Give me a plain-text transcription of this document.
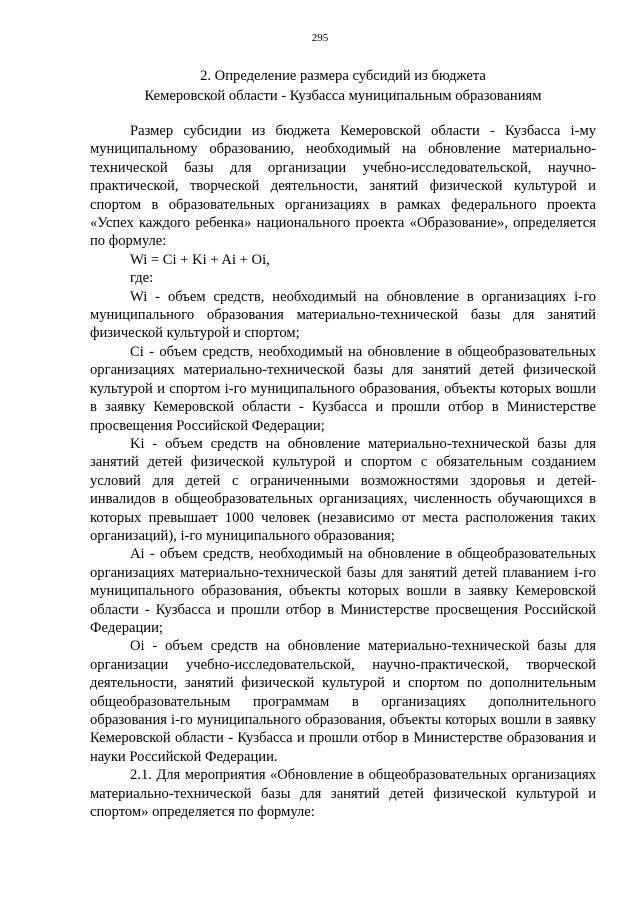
295
2. Определение размера субсидий из бюджета
Кемеровской области - Кузбасса муниципальным образованиям

Размер субсидии из бюджета Кемеровской области - Кузбасса i-му муниципальному образованию, необходимый на обновление материально-технической базы для организации учебно-исследовательской, научно-практической, творческой деятельности, занятий физической культурой и спортом в образовательных организациях в рамках федерального проекта «Успех каждого ребенка» национального проекта «Образование», определяется по формуле:

Wi = Ci + Ki + Ai + Oi,

где:

Wi - объем средств, необходимый на обновление в организациях i-го муниципального образования материально-технической базы для занятий физической культурой и спортом;

Ci - объем средств, необходимый на обновление в общеобразовательных организациях материально-технической базы для занятий детей физической культурой и спортом i-го муниципального образования, объекты которых вошли в заявку Кемеровской области - Кузбасса и прошли отбор в Министерстве просвещения Российской Федерации;

Ki - объем средств на обновление материально-технической базы для занятий детей физической культурой и спортом с обязательным созданием условий для детей с ограниченными возможностями здоровья и детей-инвалидов в общеобразовательных организациях, численность обучающихся в которых превышает 1000 человек (независимо от места расположения таких организаций), i-го муниципального образования;

Ai - объем средств, необходимый на обновление в общеобразовательных организациях материально-технической базы для занятий детей плаванием i-го муниципального образования, объекты которых вошли в заявку Кемеровской области - Кузбасса и прошли отбор в Министерстве просвещения Российской Федерации;

Oi - объем средств на обновление материально-технической базы для организации учебно-исследовательской, научно-практической, творческой деятельности, занятий физической культурой и спортом по дополнительным общеобразовательным программам в организациях дополнительного образования i-го муниципального образования, объекты которых вошли в заявку Кемеровской области - Кузбасса и прошли отбор в Министерстве образования и науки Российской Федерации.

2.1. Для мероприятия «Обновление в общеобразовательных организациях материально-технической базы для занятий детей физической культурой и спортом» определяется по формуле:
